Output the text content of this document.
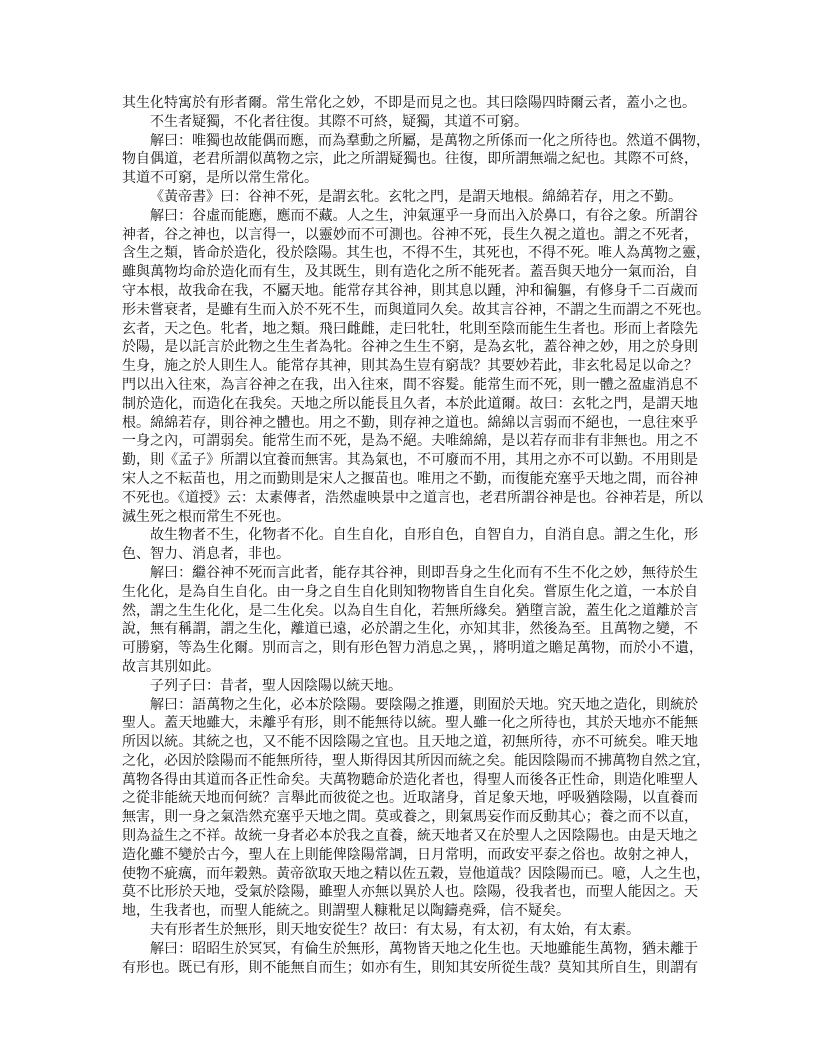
其生化特寓於有形者爾。常生常化之妙，不即是而見之也。其曰陰陽四時爾云者，蓋小之也。
不生者疑獨，不化者往復。其際不可終，疑獨，其道不可窮。
解曰：唯獨也故能偶而應，而為羣動之所屬，是萬物之所係而一化之所待也。然道不偶物，
物自偶道，老君所謂似萬物之宗，此之所謂疑獨也。往復，即所謂無端之紀也。其際不可終，
其道不可窮，是所以常生常化。
《黃帝書》曰：谷神不死，是謂玄牝。玄牝之門，是謂天地根。綿綿若存，用之不勤。
解曰：谷虛而能應，應而不藏。人之生，沖氣運乎一身而出入於鼻口，有谷之象。所謂谷
神者，谷之神也，以言得一，以靈妙而不可測也。谷神不死，長生久視之道也。謂之不死者，
含生之類，皆命於造化，役於陰陽。其生也，不得不生，其死也，不得不死。唯人為萬物之靈，
雖與萬物均命於造化而有生，及其既生，則有造化之所不能死者。蓋吾與天地分一氣而治，自
守本根，故我命在我，不屬天地。能常存其谷神，則其息以踵，沖和徧軀，有修身千二百歲而
形未嘗衰者，是雖有生而入於不死不生，而與道同久矣。故其言谷神，不謂之生而謂之不死也。
玄者，天之色。牝者，地之類。飛曰雌雌，走曰牝牡，牝則至陰而能生生者也。形而上者陰先
於陽，是以託言於此物之生生者為牝。谷神之生生不窮，是為玄牝，蓋谷神之妙，用之於身則
生身，施之於人則生人。能常存其神，則其為生豈有窮哉？其要妙若此，非玄牝曷足以命之？
門以出入往來，為言谷神之在我，出入往來，間不容髮。能常生而不死，則一體之盈虛消息不
制於造化，而造化在我矣。天地之所以能長且久者，本於此道爾。故曰：玄牝之門，是謂天地
根。綿綿若存，則谷神之體也。用之不勤，則存神之道也。綿綿以言弱而不絕也，一息往來乎
一身之內，可謂弱矣。能常生而不死，是為不絕。夫唯綿綿，是以若存而非有非無也。用之不
勤，則《孟子》所謂以宜養而無害。其為氣也，不可廢而不用，其用之亦不可以勤。不用則是
宋人之不耘苗也，用之而勤則是宋人之揠苗也。唯用之不勤，而復能充塞乎天地之間，而谷神
不死也。《道授》云：太素傳者，浩然虛映景中之道言也，老君所謂谷神是也。谷神若是，所以
滅生死之根而常生不死也。
故生物者不生，化物者不化。自生自化，自形自色，自智自力，自消自息。謂之生化，形
色、智力、消息者，非也。
解曰：繼谷神不死而言此者，能存其谷神，則即吾身之生化而有不生不化之妙，無待於生
生化化，是為自生自化。由一身之自生自化則知物物皆自生自化矣。嘗原生化之道，一本於自
然，謂之生生化化，是二生化矣。以為自生自化，若無所緣矣。猶墮言說，蓋生化之道離於言
說，無有稱謂，謂之生化，離道已遠，必於謂之生化，亦知其非，然後為至。且萬物之變，不
可勝窮，等為生化爾。別而言之，則有形色智力消息之異，，將明道之贍足萬物，而於小不遺，
故言其別如此。
子列子曰：昔者，聖人因陰陽以統天地。
解曰：語萬物之生化，必本於陰陽。要陰陽之推遷，則囿於天地。究天地之造化，則統於
聖人。蓋天地雖大，未離乎有形，則不能無待以統。聖人雖一化之所待也，其於天地亦不能無
所因以統。其統之也，又不能不因陰陽之宜也。且天地之道，初無所待，亦不可統矣。唯天地
之化，必因於陰陽而不能無所待，聖人斯得因其所因而統之矣。能因陰陽而不拂萬物自然之宜，
萬物各得由其道而各正性命矣。夫萬物聽命於造化者也，得聖人而後各正性命，則造化唯聖人
之從非能統天地而何統？言舉此而彼從之也。近取諸身，首足象天地，呼吸猶陰陽，以直養而
無害，則一身之氣浩然充塞乎天地之間。莫或養之，則氣馬妄作而反動其心；養之而不以直，
則為益生之不祥。故統一身者必本於我之直養，統天地者又在於聖人之因陰陽也。由是天地之
造化雖不變於古今，聖人在上則能俾陰陽常調，日月常明，而政安平泰之俗也。故射之神人，
使物不疵癘，而年穀熟。黃帝欲取天地之精以佐五穀，豈他道哉？因陰陽而已。噫，人之生也，
莫不比形於天地，受氣於陰陽，雖聖人亦無以異於人也。陰陽，役我者也，而聖人能因之。天
地，生我者也，而聖人能統之。則謂聖人糠粃足以陶鑄堯舜，信不疑矣。
夫有形者生於無形，則天地安從生？故曰：有太易，有太初，有太始，有太素。
解曰：昭昭生於冥冥，有倫生於無形，萬物皆天地之化生也。天地雖能生萬物，猶未離于
有形也。既已有形，則不能無自而生；如亦有生，則知其安所從生哉？莫知其所自生，則謂有
